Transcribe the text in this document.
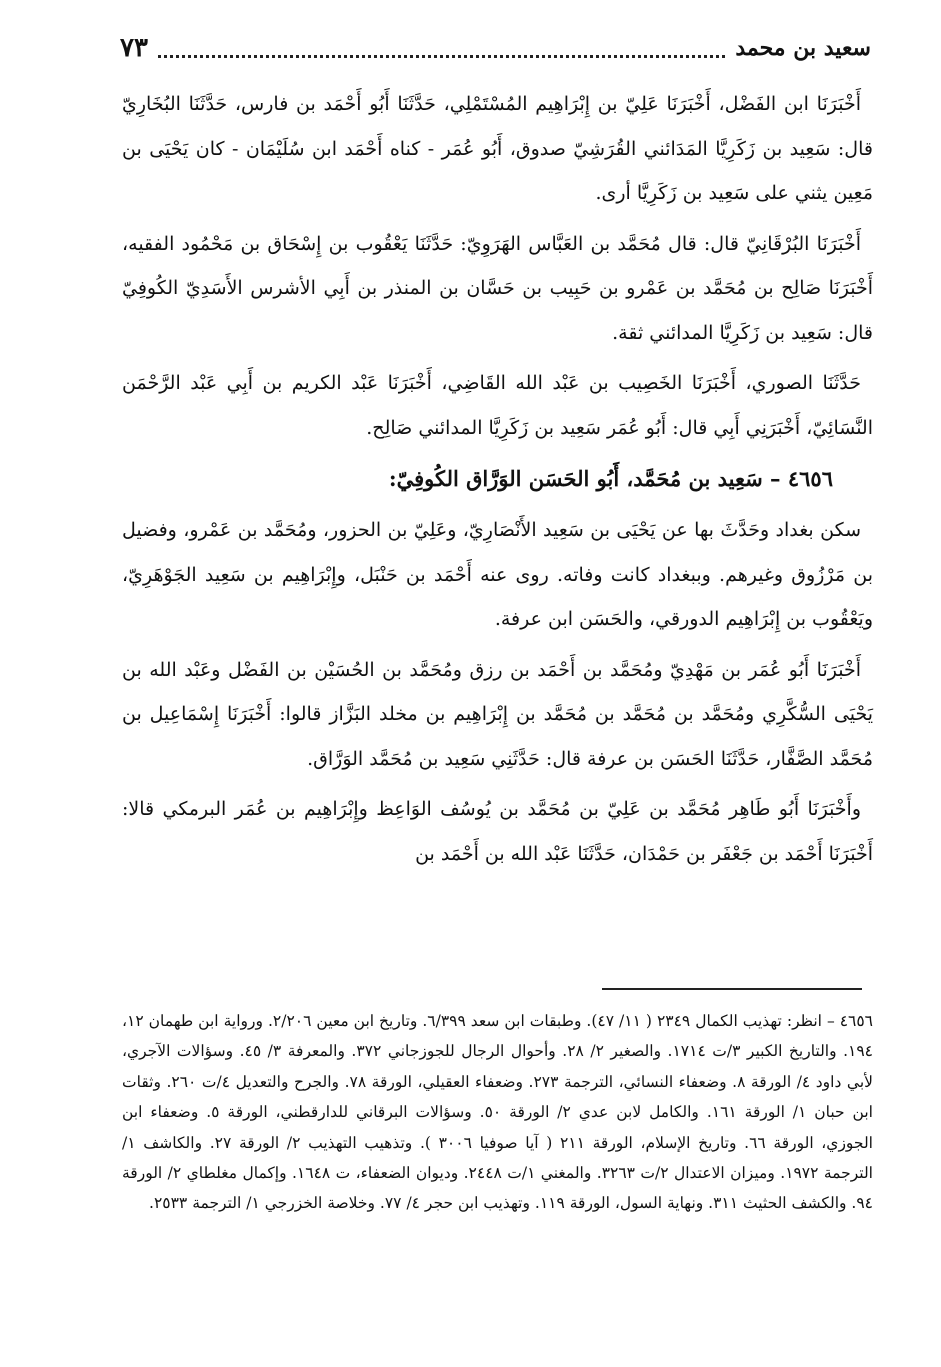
سعيد بن محمد
٧٣

أَخْبَرَنَا ابن الفَضْل، أَخْبَرَنَا عَلِيّ بن إِبْرَاهِيم المُسْتَمْلِي، حَدَّثَنَا أَبُو أَحْمَد بن فارس، حَدَّثَنَا البُخَارِيّ قال: سَعِيد بن زَكَرِيَّا المَدَائني القُرَشِيّ صدوق، أَبُو عُمَر - كناه أَحْمَد ابن سُلَيْمَان - كان يَحْيَى بن مَعِين يثني على سَعِيد بن زَكَرِيَّا أرى.

أَخْبَرَنَا البُرْقَانِيّ قال: قال مُحَمَّد بن العَبَّاس الهَرَوِيّ: حَدَّثَنَا يَعْقُوب بن إِسْحَاق بن مَحْمُود الفقيه، أَخْبَرَنَا صَالِح بن مُحَمَّد بن عَمْرو بن حَبِيب بن حَسَّان بن المنذر بن أَبِي الأشرس الأَسَدِيّ الكُوفِيّ قال: سَعِيد بن زَكَرِيَّا المدائني ثقة.

حَدَّثَنَا الصوري، أَخْبَرَنَا الخَصِيب بن عَبْد الله القَاضِي، أَخْبَرَنَا عَبْد الكريم بن أَبِي عَبْد الرَّحْمَن النَّسَائِيّ، أَخْبَرَنِي أَبِي قال: أَبُو عُمَر سَعِيد بن زَكَرِيَّا المدائني صَالِح.

٤٦٥٦ – سَعِيد بن مُحَمَّد، أَبُو الحَسَن الوَرَّاق الكُوفِيّ:

سكن بغداد وحَدَّثَ بها عن يَحْيَى بن سَعِيد الأَنْصَارِيّ، وعَلِيّ بن الحزور، ومُحَمَّد بن عَمْرو، وفضيل بن مَرْزُوق وغيرهم. وببغداد كانت وفاته. روى عنه أَحْمَد بن حَنْبَل، وإِبْرَاهِيم بن سَعِيد الجَوْهَرِيّ، ويَعْقُوب بن إِبْرَاهِيم الدورقي، والحَسَن ابن عرفة.

أَخْبَرَنَا أَبُو عُمَر بن مَهْدِيّ ومُحَمَّد بن أَحْمَد بن رزق ومُحَمَّد بن الحُسَيْن بن الفَضْل وعَبْد الله بن يَحْيَى السُّكَّرِي ومُحَمَّد بن مُحَمَّد بن مُحَمَّد بن إِبْرَاهِيم بن مخلد البَزَّاز قالوا: أَخْبَرَنَا إِسْمَاعِيل بن مُحَمَّد الصَّفَّار، حَدَّثَنَا الحَسَن بن عرفة قال: حَدَّثَنِي سَعِيد بن مُحَمَّد الوَرَّاق.

وأَخْبَرَنَا أَبُو طَاهِر مُحَمَّد بن عَلِيّ بن مُحَمَّد بن يُوسُف الوَاعِظ وإِبْرَاهِيم بن عُمَر البرمكي قالا: أَخْبَرَنَا أَحْمَد بن جَعْفَر بن حَمْدَان، حَدَّثَنَا عَبْد الله بن أَحْمَد بن

٤٦٥٦ – انظر: تهذيب الكمال ٢٣٤٩ ( ١١/ ٤٧). وطبقات ابن سعد ٦/٣٩٩. وتاريخ ابن معين ٢/٢٠٦. ورواية ابن طهمان ١٢، ١٩٤. والتاريخ الكبير ٣/ت ١٧١٤. والصغير ٢/ ٢٨. وأحوال الرجال للجوزجاني ٣٧٢. والمعرفة ٣/ ٤٥. وسؤالات الآجري، لأبي داود ٤/ الورقة ٨. وضعفاء النسائي، الترجمة ٢٧٣. وضعفاء العقيلي، الورقة ٧٨. والجرح والتعديل ٤/ت ٢٦٠. وثقات ابن حبان ١/ الورقة ١٦١. والكامل لابن عدي ٢/ الورقة ٥٠. وسؤالات البرقاني للدارقطني، الورقة ٥. وضعفاء ابن الجوزي، الورقة ٦٦. وتاريخ الإسلام، الورقة ٢١١ ( آيا صوفيا ٣٠٠٦ ). وتذهيب التهذيب ٢/ الورقة ٢٧. والكاشف ١/ الترجمة ١٩٧٢. وميزان الاعتدال ٢/ت ٣٢٦٣. والمغني ١/ت ٢٤٤٨. وديوان الضعفاء، ت ١٦٤٨. وإكمال مغلطاي ٢/ الورقة ٩٤. والكشف الحثيث ٣١١. ونهاية السول، الورقة ١١٩. وتهذيب ابن حجر ٤/ ٧٧. وخلاصة الخزرجي ١/ الترجمة ٢٥٣٣.
